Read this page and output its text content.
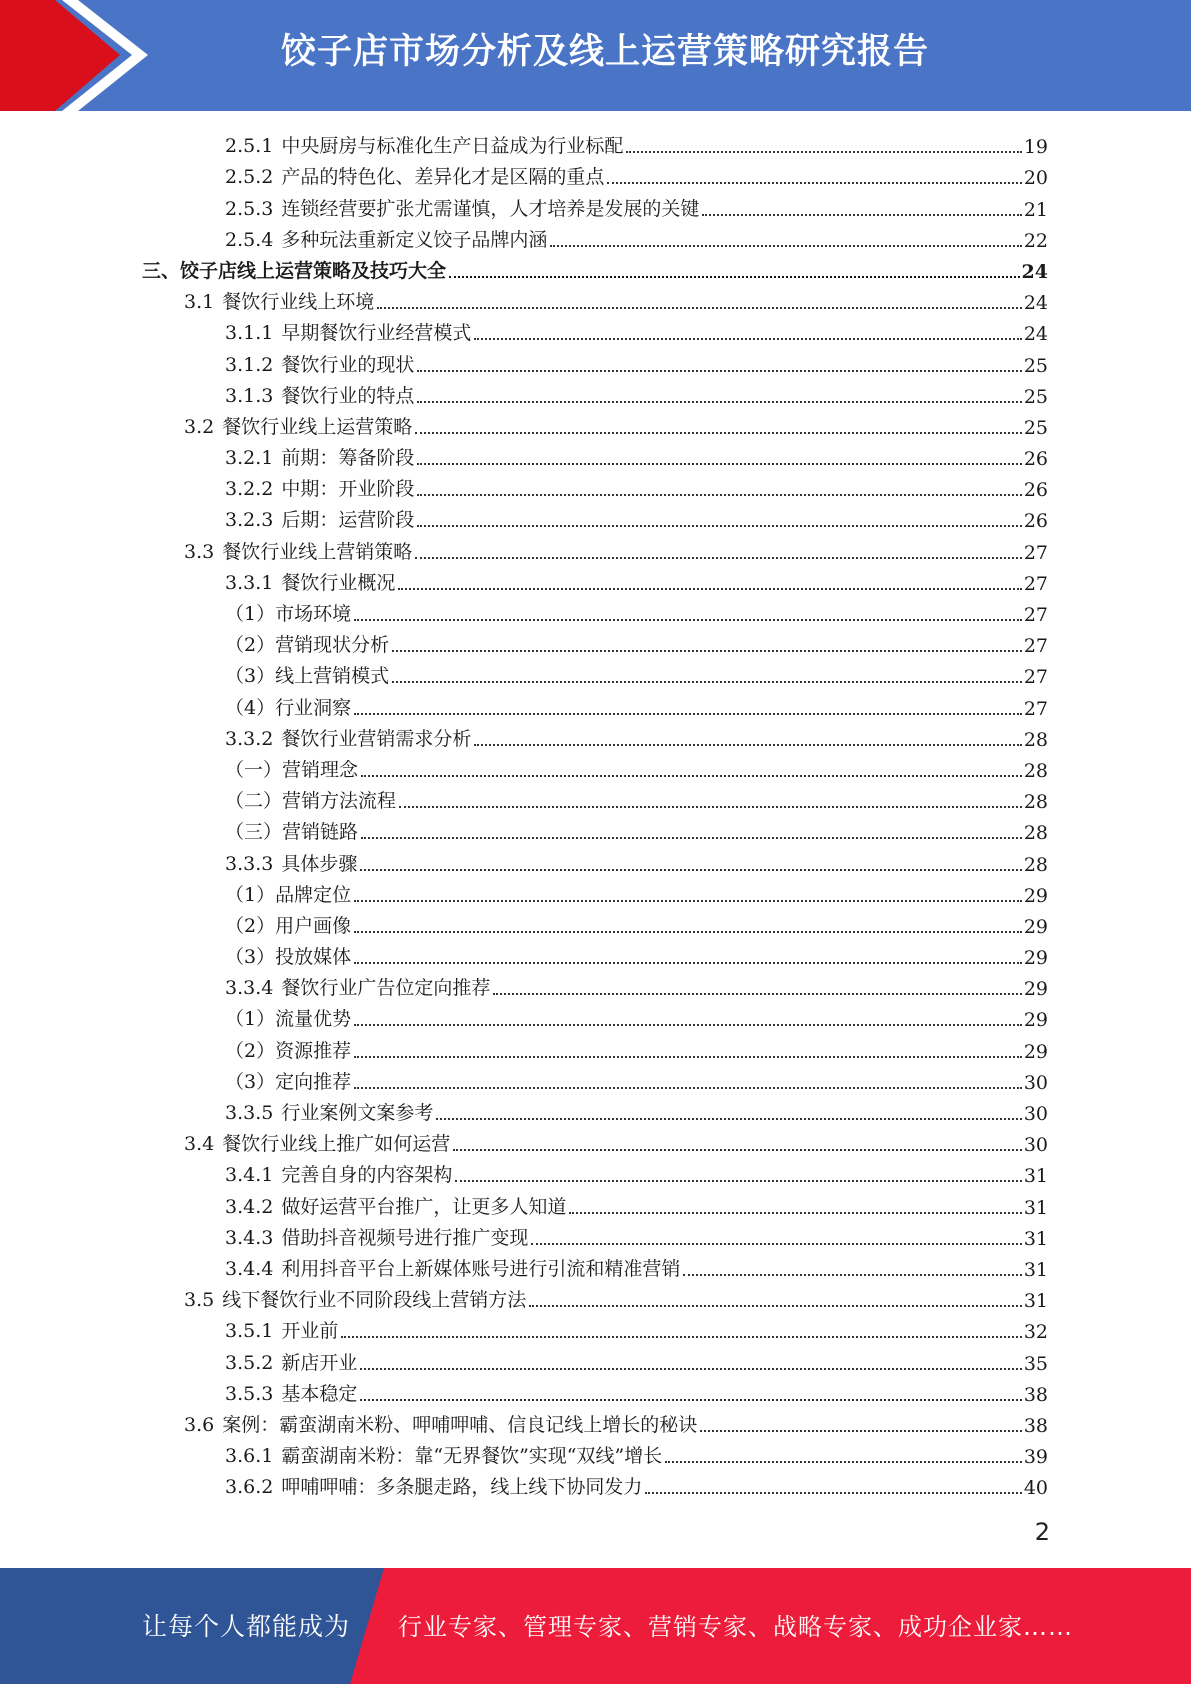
饺子店市场分析及线上运营策略研究报告
2.5.1 中央厨房与标准化生产日益成为行业标配	19
2.5.2 产品的特色化、差异化才是区隔的重点	20
2.5.3 连锁经营要扩张尤需谨慎，人才培养是发展的关键	21
2.5.4 多种玩法重新定义饺子品牌内涵	22
三、饺子店线上运营策略及技巧大全	24
3.1 餐饮行业线上环境	24
3.1.1 早期餐饮行业经营模式	24
3.1.2 餐饮行业的现状	25
3.1.3 餐饮行业的特点	25
3.2 餐饮行业线上运营策略	25
3.2.1 前期：筹备阶段	26
3.2.2 中期：开业阶段	26
3.2.3 后期：运营阶段	26
3.3 餐饮行业线上营销策略	27
3.3.1 餐饮行业概况	27
（1）市场环境	27
（2）营销现状分析	27
（3）线上营销模式	27
（4）行业洞察	27
3.3.2 餐饮行业营销需求分析	28
（一）营销理念	28
（二）营销方法流程	28
（三）营销链路	28
3.3.3 具体步骤	28
（1）品牌定位	29
（2）用户画像	29
（3）投放媒体	29
3.3.4 餐饮行业广告位定向推荐	29
（1）流量优势	29
（2）资源推荐	29
（3）定向推荐	30
3.3.5 行业案例文案参考	30
3.4 餐饮行业线上推广如何运营	30
3.4.1 完善自身的内容架构	31
3.4.2 做好运营平台推广，让更多人知道	31
3.4.3 借助抖音视频号进行推广变现	31
3.4.4 利用抖音平台上新媒体账号进行引流和精准营销	31
3.5 线下餐饮行业不同阶段线上营销方法	31
3.5.1 开业前	32
3.5.2 新店开业	35
3.5.3 基本稳定	38
3.6 案例：霸蛮湖南米粉、呷哺呷哺、信良记线上增长的秘诀	38
3.6.1 霸蛮湖南米粉：靠“无界餐饮”实现“双线”增长	39
3.6.2 呷哺呷哺：多条腿走路，线上线下协同发力	40
2
让每个人都能成为 行业专家、管理专家、营销专家、战略专家、成功企业家……
